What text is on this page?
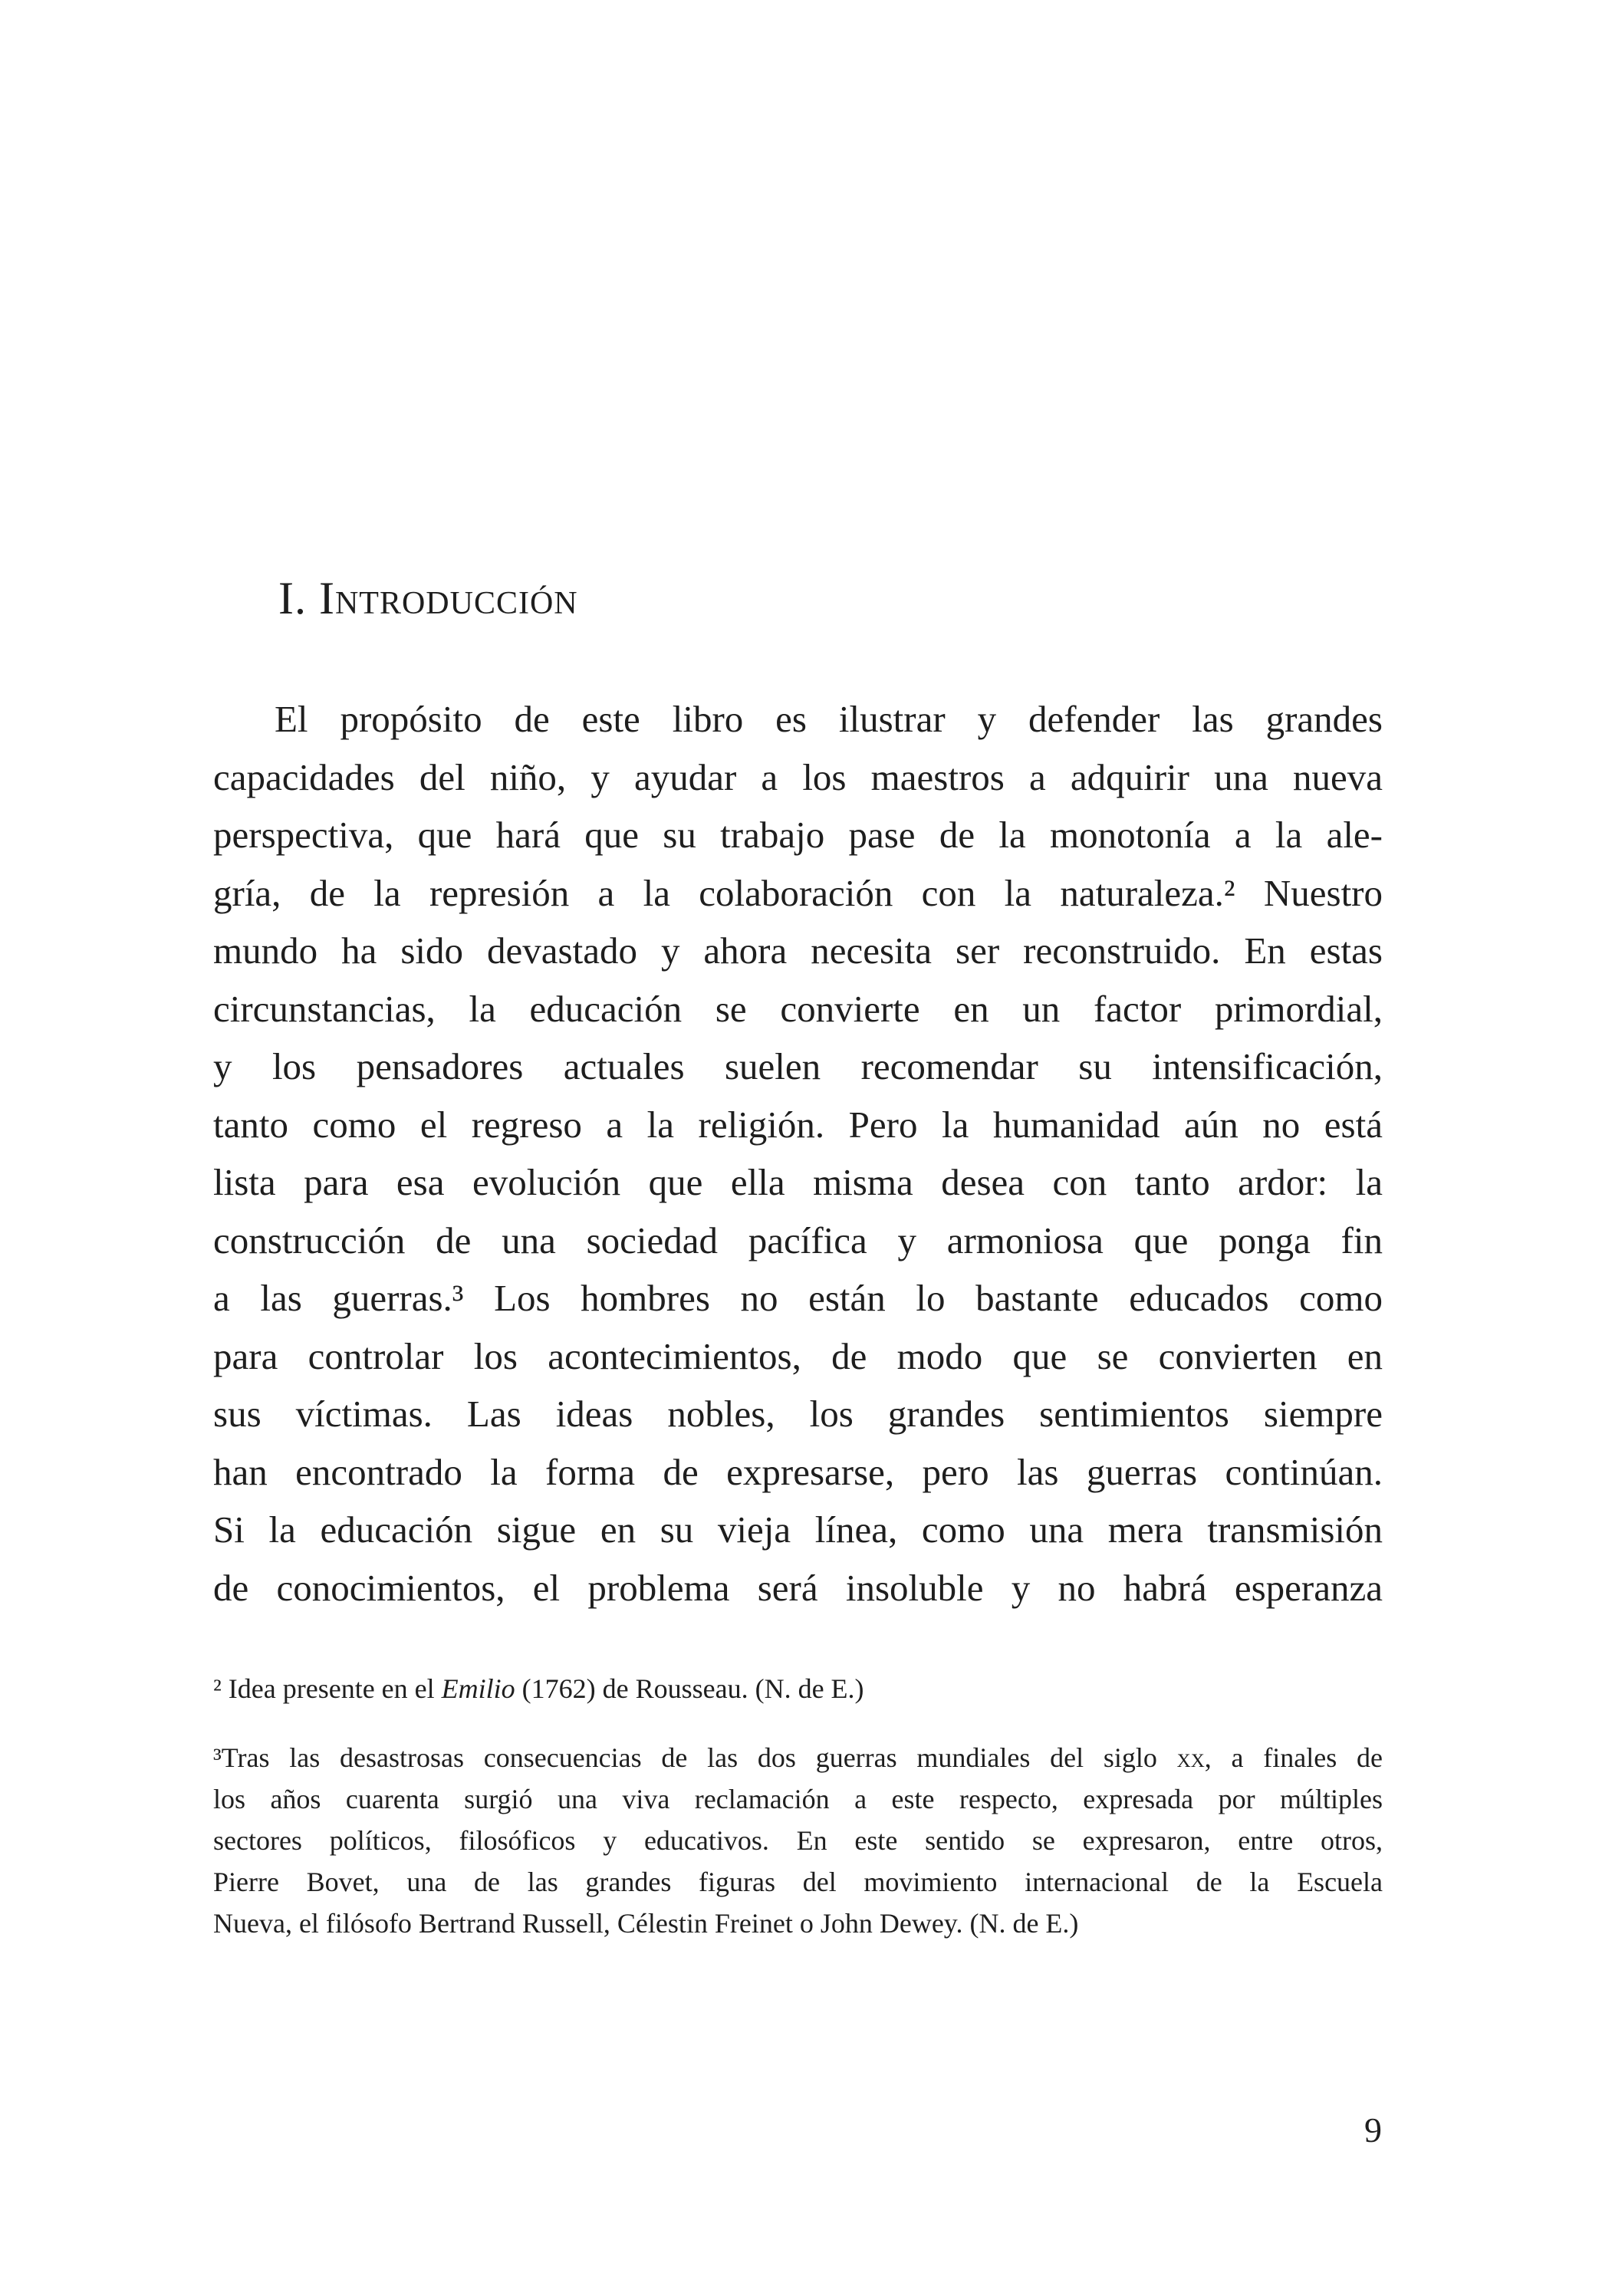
I. Introducción
El propósito de este libro es ilustrar y defender las grandes
capacidades del niño, y ayudar a los maestros a adquirir una nueva
perspectiva, que hará que su trabajo pase de la monotonía a la ale-
gría, de la represión a la colaboración con la naturaleza.² Nuestro
mundo ha sido devastado y ahora necesita ser reconstruido. En estas
circunstancias, la educación se convierte en un factor primordial,
y los pensadores actuales suelen recomendar su intensificación,
tanto como el regreso a la religión. Pero la humanidad aún no está
lista para esa evolución que ella misma desea con tanto ardor: la
construcción de una sociedad pacífica y armoniosa que ponga fin
a las guerras.³ Los hombres no están lo bastante educados como
para controlar los acontecimientos, de modo que se convierten en
sus víctimas. Las ideas nobles, los grandes sentimientos siempre
han encontrado la forma de expresarse, pero las guerras continúan.
Si la educación sigue en su vieja línea, como una mera transmisión
de conocimientos, el problema será insoluble y no habrá esperanza
² Idea presente en el Emilio (1762) de Rousseau. (N. de E.)
³Tras las desastrosas consecuencias de las dos guerras mundiales del siglo xx, a finales de
los años cuarenta surgió una viva reclamación a este respecto, expresada por múltiples
sectores políticos, filosóficos y educativos. En este sentido se expresaron, entre otros,
Pierre Bovet, una de las grandes figuras del movimiento internacional de la Escuela
Nueva, el filósofo Bertrand Russell, Célestin Freinet o John Dewey. (N. de E.)
9
